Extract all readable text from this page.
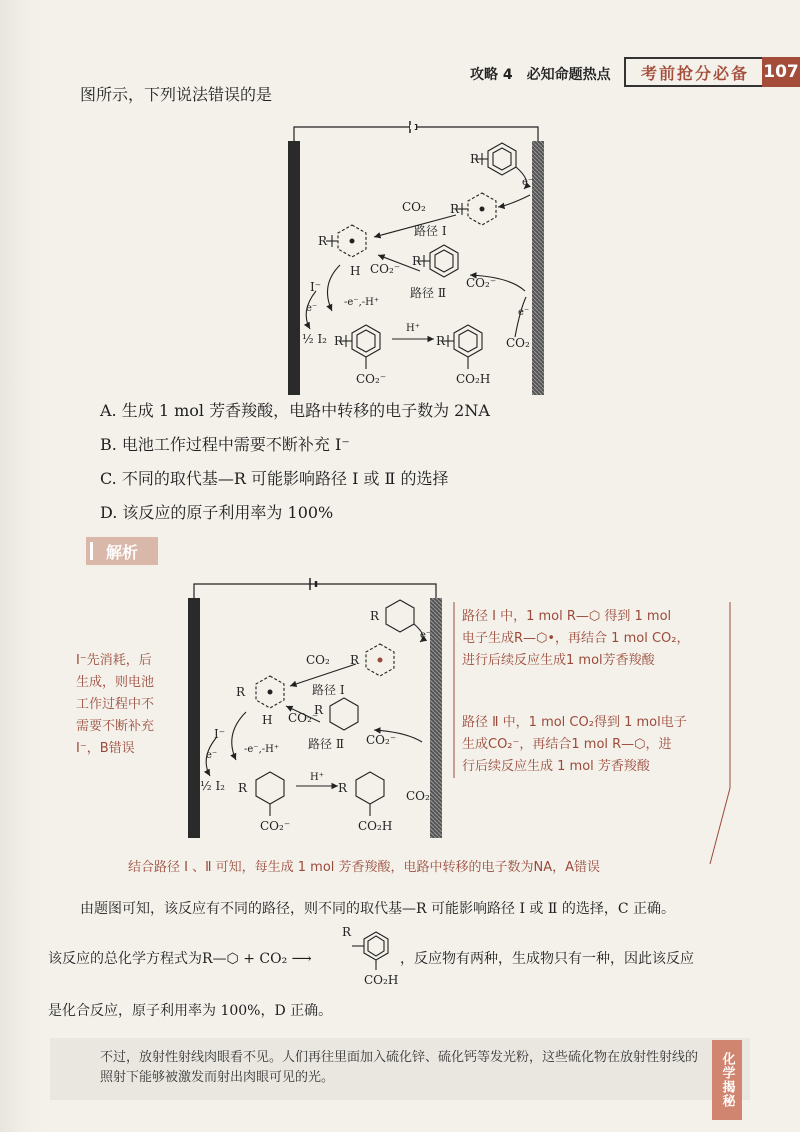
攻略 4　必知命题热点	考前抢分必备 107
图所示，下列说法错误的是
R
e⁻
CO₂ R
R
路径 Ⅰ
H CO₂⁻
R
CO₂⁻
路径 Ⅱ
I⁻
e⁻
-e⁻,-H⁺
½ I₂
e⁻
R
H⁺
R	CO₂
CO₂⁻	CO₂H
A. 生成 1 mol 芳香羧酸，电路中转移的电子数为 2NA
B. 电池工作过程中需要不断补充 I⁻
C. 不同的取代基—R 可能影响路径 Ⅰ 或 Ⅱ 的选择
D. 该反应的原子利用率为 100%
解析
R
e⁻
CO₂ R
R	路径 Ⅰ
H CO₂⁻
R
CO₂⁻
路径 Ⅱ
I⁻
e⁻
-e⁻,-H⁺
½ I₂ R
H⁺
R
CO₂
CO₂⁻	CO₂H
I⁻先消耗，后
生成，则电池
工作过程中不
需要不断补充
I⁻，B错误
路径 Ⅰ 中，1 mol R—⬡ 得到 1 mol
电子生成R—⬡•，再结合 1 mol CO₂，
进行后续反应生成1 mol芳香羧酸
路径 Ⅱ 中，1 mol CO₂得到 1 mol电子
生成CO₂⁻，再结合1 mol R—⬡，进
行后续反应生成 1 mol 芳香羧酸
结合路径 Ⅰ 、Ⅱ 可知，每生成 1 mol 芳香羧酸，电路中转移的电子数为NA，A错误
由题图可知，该反应有不同的路径，则不同的取代基—R 可能影响路径 Ⅰ 或 Ⅱ 的选择，C 正确。
该反应的总化学方程式为R—⬡ + CO₂ ⟶
R
CO₂H
，反应物有两种，生成物只有一种，因此该反应
是化合反应，原子利用率为 100%，D 正确。
不过，放射性射线肉眼看不见。人们再往里面加入硫化锌、硫化钙等发光粉，这些硫化物在放射性射线的照射下能够被激发而射出肉眼可见的光。	化学揭秘
